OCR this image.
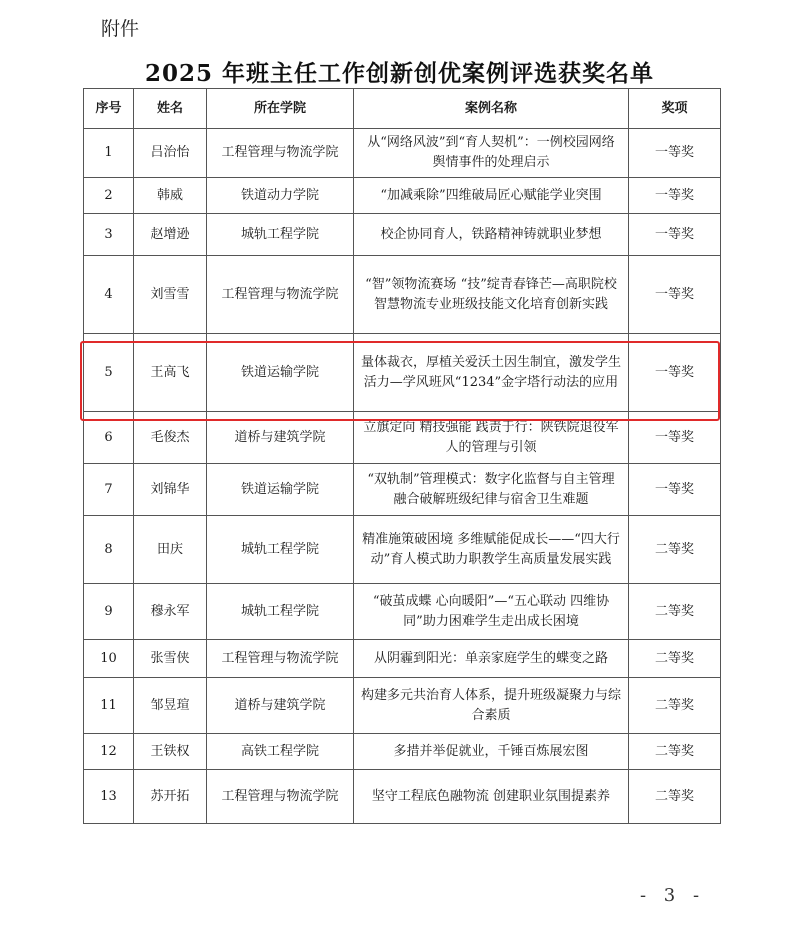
附件
2025 年班主任工作创新创优案例评选获奖名单
序号	姓名	所在学院	案例名称	奖项
1	吕治怡	工程管理与物流学院	从“网络风波”到“育人契机”：一例校园网络舆情事件的处理启示	一等奖
2	韩威	铁道动力学院	“加减乘除”四维破局匠心赋能学业突围	一等奖
3	赵增逊	城轨工程学院	校企协同育人，铁路精神铸就职业梦想	一等奖
4	刘雪雪	工程管理与物流学院	“智”领物流赛场 “技”绽青春锋芒—高职院校智慧物流专业班级技能文化培育创新实践	一等奖
5	王高飞	铁道运输学院	量体裁衣，厚植关爱沃土因生制宜，激发学生活力—学风班风“1234”金字塔行动法的应用	一等奖
6	毛俊杰	道桥与建筑学院	立旗定向 精技强能 践责于行：陕铁院退役军人的管理与引领	一等奖
7	刘锦华	铁道运输学院	“双轨制”管理模式：数字化监督与自主管理融合破解班级纪律与宿舍卫生难题	一等奖
8	田庆	城轨工程学院	精准施策破困境 多维赋能促成长——“四大行动”育人模式助力职教学生高质量发展实践	二等奖
9	穆永军	城轨工程学院	“破茧成蝶 心向暖阳”—“五心联动 四维协同”助力困难学生走出成长困境	二等奖
10	张雪侠	工程管理与物流学院	从阴霾到阳光：单亲家庭学生的蝶变之路	二等奖
11	邹昱瑄	道桥与建筑学院	构建多元共治育人体系，提升班级凝聚力与综合素质	二等奖
12	王铁权	高铁工程学院	多措并举促就业，千锤百炼展宏图	二等奖
13	苏开拓	工程管理与物流学院	坚守工程底色融物流 创建职业氛围提素养	二等奖
- 3 -
